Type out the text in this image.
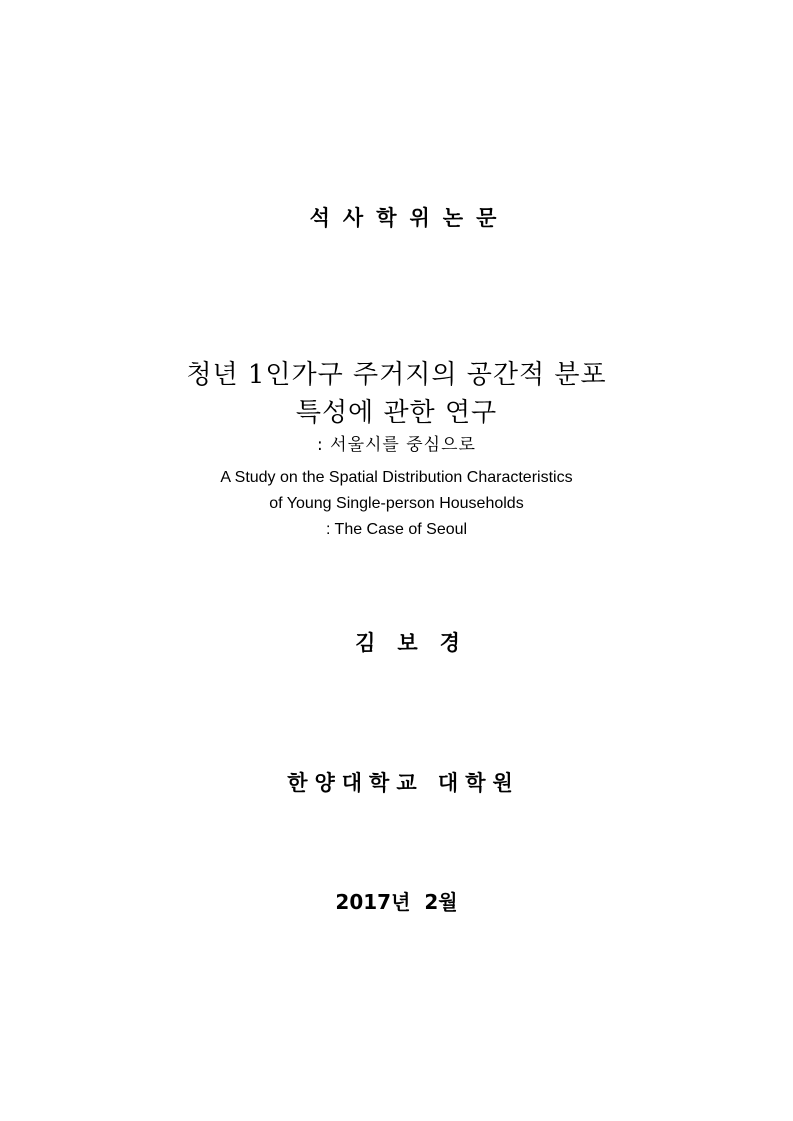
석사학위논문
청년 1인가구 주거지의 공간적 분포
특성에 관한 연구
: 서울시를 중심으로
A Study on the Spatial Distribution Characteristics
of Young Single-person Households
: The Case of Seoul
김보경
한양대학교 대학원
2017년  2월
